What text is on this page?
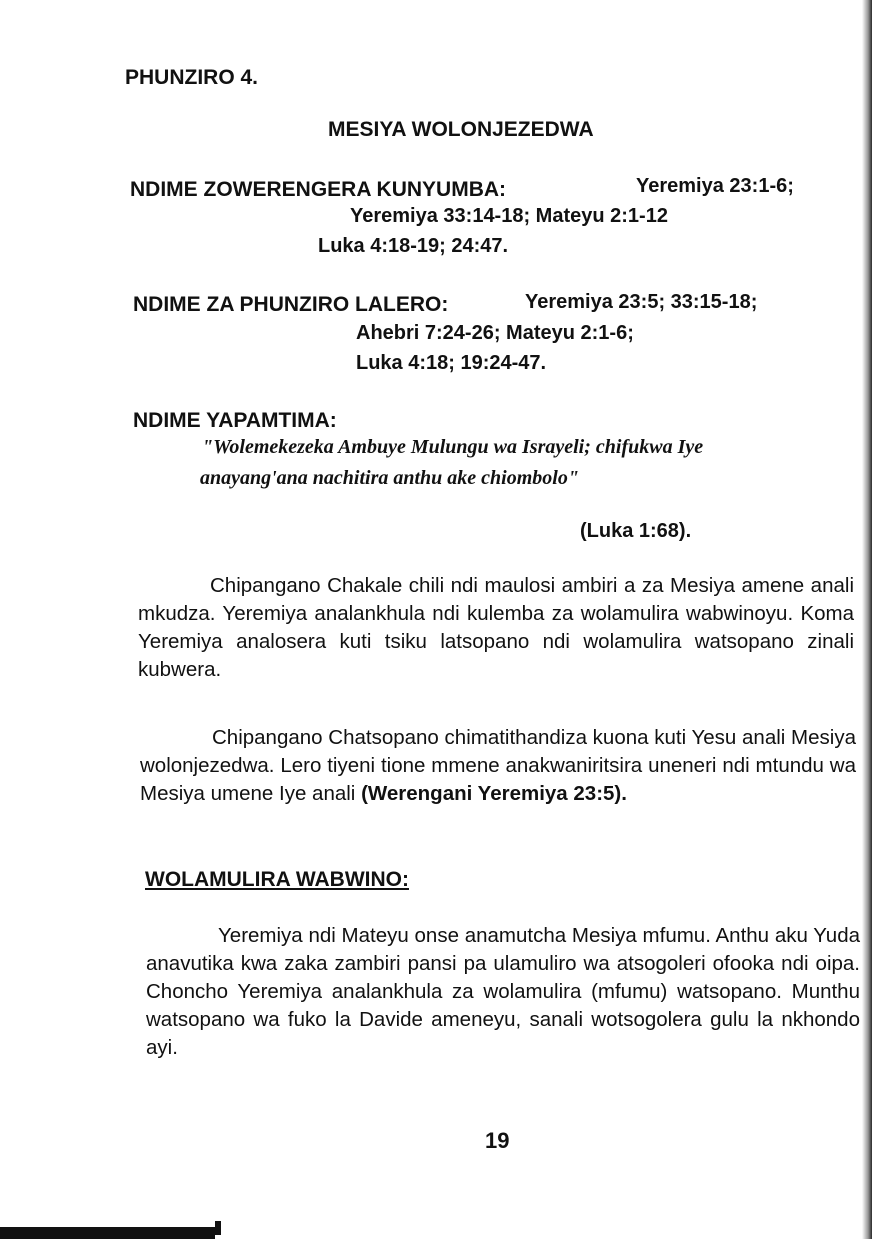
PHUNZIRO 4.
MESIYA WOLONJEZEDWA
NDIME ZOWERENGERA KUNYUMBA:	Yeremiya 23:1-6;
Yeremiya 33:14-18; Mateyu 2:1-12
Luka 4:18-19; 24:47.
NDIME ZA PHUNZIRO LALERO:	Yeremiya 23:5; 33:15-18;
Ahebri 7:24-26; Mateyu 2:1-6;
Luka 4:18; 19:24-47.
NDIME YAPAMTIMA:
"Wolemekezeka Ambuye Mulungu wa Israyeli; chifukwa Iye
anayang'ana nachitira anthu ake chiombolo"
(Luka 1:68).

Chipangano Chakale chili ndi maulosi ambiri a za Mesiya amene anali mkudza. Yeremiya analankhula ndi kulemba za wolamulira wabwinoyu. Koma Yeremiya analosera kuti tsiku latsopano ndi wolamulira watsopano zinali kubwera.

Chipangano Chatsopano chimatithandiza kuona kuti Yesu anali Mesiya wolonjezedwa. Lero tiyeni tione mmene anakwaniritsira uneneri ndi mtundu wa Mesiya umene Iye anali (Werengani Yeremiya 23:5).

WOLAMULIRA WABWINO:

Yeremiya ndi Mateyu onse anamutcha Mesiya mfumu. Anthu aku Yuda anavutika kwa zaka zambiri pansi pa ulamuliro wa atsogoleri ofooka ndi oipa. Choncho Yeremiya analankhula za wolamulira (mfumu) watsopano. Munthu watsopano wa fuko la Davide ameneyu, sanali wotsogolera gulu la nkhondo ayi.

19
